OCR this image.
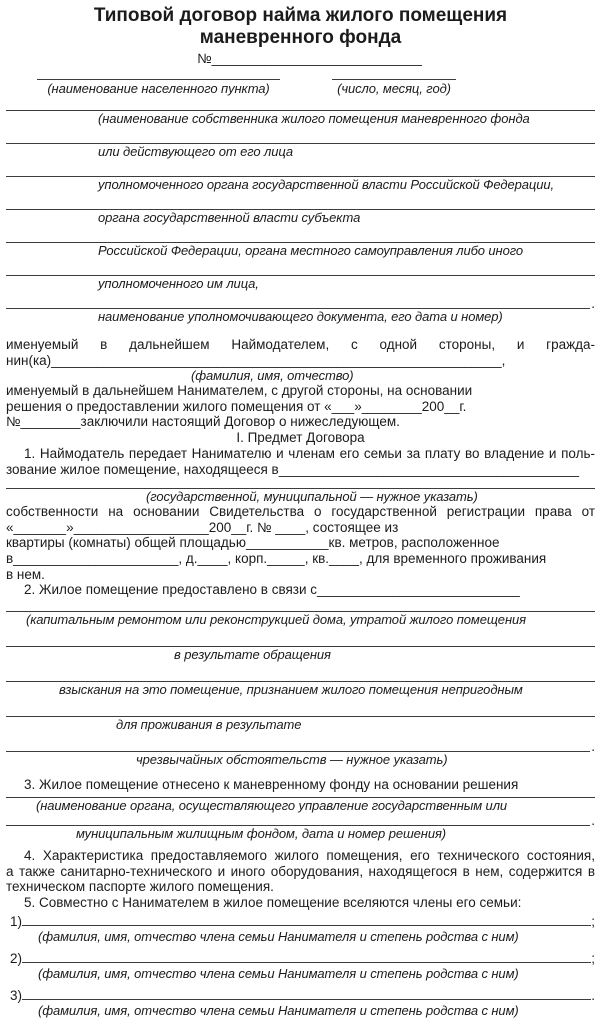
Типовой договор найма жилого помещения
маневренного фонда
№____________________________
(наименование населенного пункта)	(число, месяц, год)
(наименование собственника жилого помещения маневренного фонда
или действующего от его лица
уполномоченного органа государственной власти Российской Федерации,
органа государственной власти субъекта
Российской Федерации, органа местного самоуправления либо иного
уполномоченного им лица,
.
наименование уполномочивающего документа, его дата и номер)
именуемый в дальнейшем Наймодателем, с одной стороны, и гражда-
нин(ка)____________________________________________________________,
(фамилия, имя, отчество)
именуемый в дальнейшем Нанимателем, с другой стороны, на основании
решения о предоставлении жилого помещения от «___»________200__г.
№________заключили настоящий Договор о нижеследующем.
I. Предмет Договора
1. Наймодатель передает Нанимателю и членам его семьи за плату во владение и поль-
зование жилое помещение, находящееся в________________________________________
(государственной, муниципальной — нужное указать)
собственности на основании Свидетельства о государственной регистрации права от
«_______»__________________200__г. № ____, состоящее из
квартиры (комнаты) общей площадью___________кв. метров, расположенное
в______________________, д.____, корп._____, кв.____, для временного проживания
в нем.
2. Жилое помещение предоставлено в связи с___________________________
(капитальным ремонтом или реконструкцией дома, утратой жилого помещения
в результате обращения
взыскания на это помещение, признанием жилого помещения непригодным
для проживания в результате
.
чрезвычайных обстоятельств — нужное указать)
3. Жилое помещение отнесено к маневренному фонду на основании решения
(наименование органа, осуществляющего управление государственным или
.
муниципальным жилищным фондом, дата и номер решения)
4. Характеристика предоставляемого жилого помещения, его технического состояния,
а также санитарно-технического и иного оборудования, находящегося в нем, содержится в
техническом паспорте жилого помещения.
5. Совместно с Нанимателем в жилое помещение вселяются члены его семьи:
1)	;
(фамилия, имя, отчество члена семьи Нанимателя и степень родства с ним)
2)	;
(фамилия, имя, отчество члена семьи Нанимателя и степень родства с ним)
3)	.
(фамилия, имя, отчество члена семьи Нанимателя и степень родства с ним)
